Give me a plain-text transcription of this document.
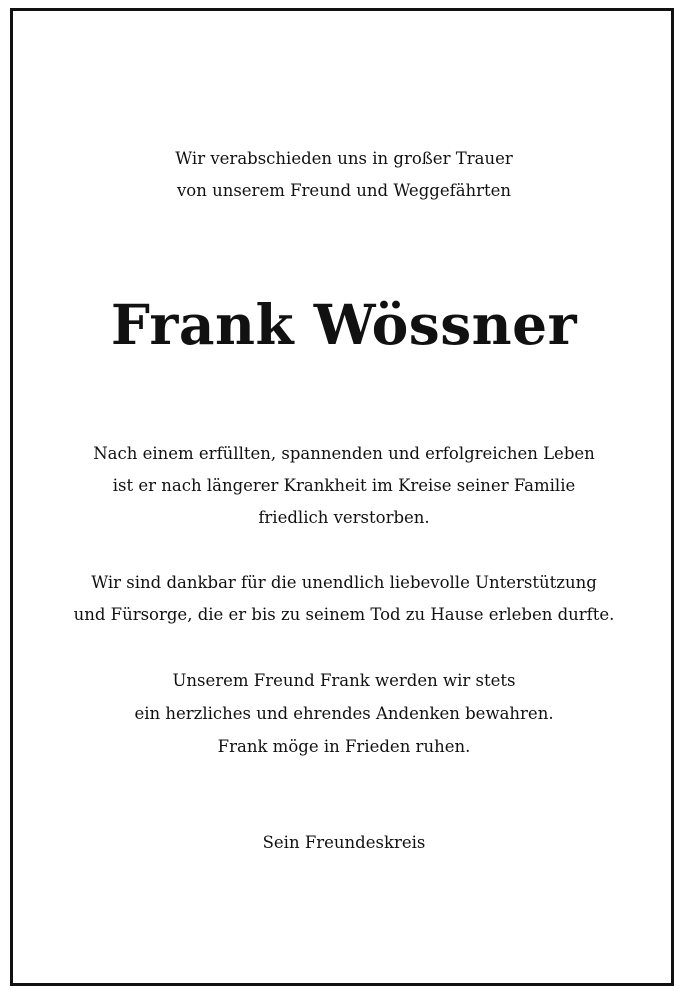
Wir verabschieden uns in großer Trauer
von unserem Freund und Weggefährten
Frank Wössner
Nach einem erfüllten, spannenden und erfolgreichen Leben
ist er nach längerer Krankheit im Kreise seiner Familie
friedlich verstorben.
Wir sind dankbar für die unendlich liebevolle Unterstützung
und Fürsorge, die er bis zu seinem Tod zu Hause erleben durfte.
Unserem Freund Frank werden wir stets
ein herzliches und ehrendes Andenken bewahren.
Frank möge in Frieden ruhen.
Sein Freundeskreis
